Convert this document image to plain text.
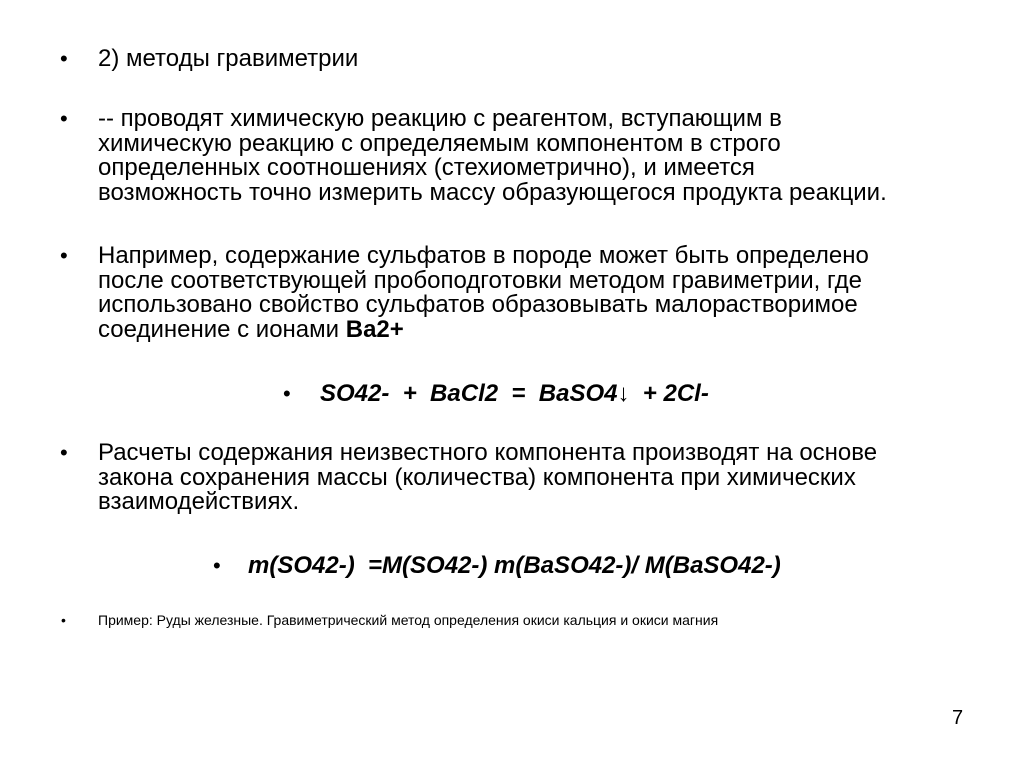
• 2) методы гравиметрии
• -- проводят химическую реакцию с реагентом, вступающим в
химическую реакцию с определяемым компонентом в строго
определенных соотношениях (стехиометрично), и имеется
возможность точно измерить массу образующегося продукта реакции.
• Например, содержание сульфатов в породе может быть определено
после соответствующей пробоподготовки методом гравиметрии, где
использовано свойство сульфатов образовывать малорастворимое
соединение с ионами Ba2+
• SO42-  +  BaCl2  =  BaSO4↓  + 2Cl-
• Расчеты содержания неизвестного компонента производят на основе
закона сохранения массы (количества) компонента при химических
взаимодействиях.
• m(SO42-)  =M(SO42-) m(BaSO42-)/ M(BaSO42-)
• Пример: Руды железные. Гравиметрический метод определения окиси кальция и окиси магния
7
